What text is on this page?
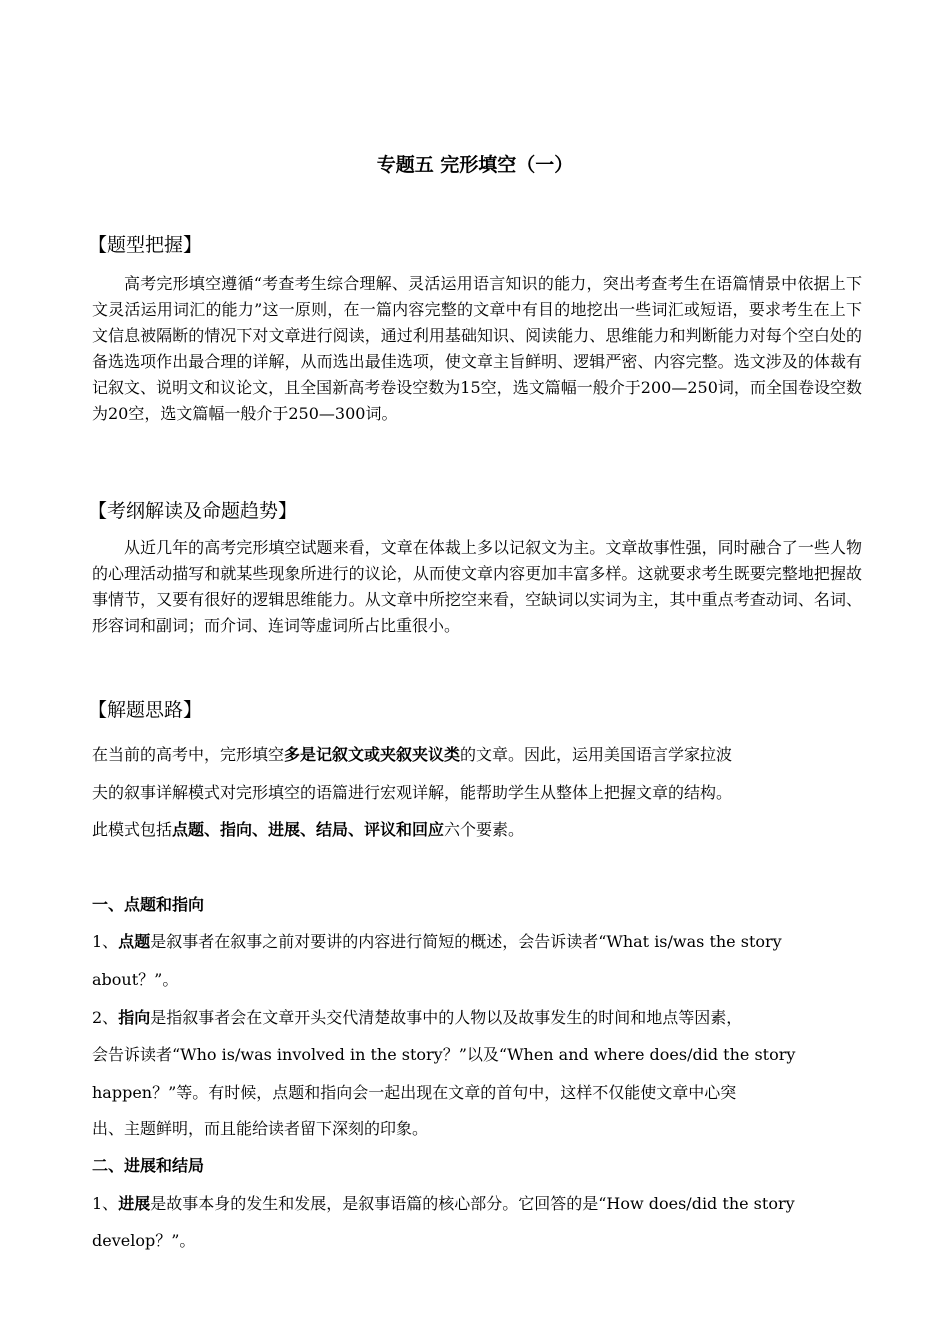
专题五 完形填空（一）
【题型把握】

高考完形填空遵循“考查考生综合理解、灵活运用语言知识的能力，突出考查考生在语篇情景中依据上下文灵活运用词汇的能力”这一原则，在一篇内容完整的文章中有目的地挖出一些词汇或短语，要求考生在上下文信息被隔断的情况下对文章进行阅读，通过利用基础知识、阅读能力、思维能力和判断能力对每个空白处的备选选项作出最合理的详解，从而选出最佳选项，使文章主旨鲜明、逻辑严密、内容完整。选文涉及的体裁有记叙文、说明文和议论文，且全国新高考卷设空数为15空，选文篇幅一般介于200—250词，而全国卷设空数为20空，选文篇幅一般介于250—300词。

【考纲解读及命题趋势】

从近几年的高考完形填空试题来看，文章在体裁上多以记叙文为主。文章故事性强，同时融合了一些人物的心理活动描写和就某些现象所进行的议论，从而使文章内容更加丰富多样。这就要求考生既要完整地把握故事情节，又要有很好的逻辑思维能力。从文章中所挖空来看，空缺词以实词为主，其中重点考查动词、名词、形容词和副词；而介词、连词等虚词所占比重很小。

【解题思路】

在当前的高考中，完形填空多是记叙文或夹叙夹议类的文章。因此，运用美国语言学家拉波

夫的叙事详解模式对完形填空的语篇进行宏观详解，能帮助学生从整体上把握文章的结构。

此模式包括点题、指向、进展、结局、评议和回应六个要素。

一、点题和指向

1、点题是叙事者在叙事之前对要讲的内容进行简短的概述，会告诉读者“What is/was the story

about？”。

2、指向是指叙事者会在文章开头交代清楚故事中的人物以及故事发生的时间和地点等因素，

会告诉读者“Who is/was involved in the story？”以及“When and where does/did the story

happen？”等。有时候，点题和指向会一起出现在文章的首句中，这样不仅能使文章中心突

出、主题鲜明，而且能给读者留下深刻的印象。

二、进展和结局

1、进展是故事本身的发生和发展，是叙事语篇的核心部分。它回答的是“How does/did the story

develop？”。
